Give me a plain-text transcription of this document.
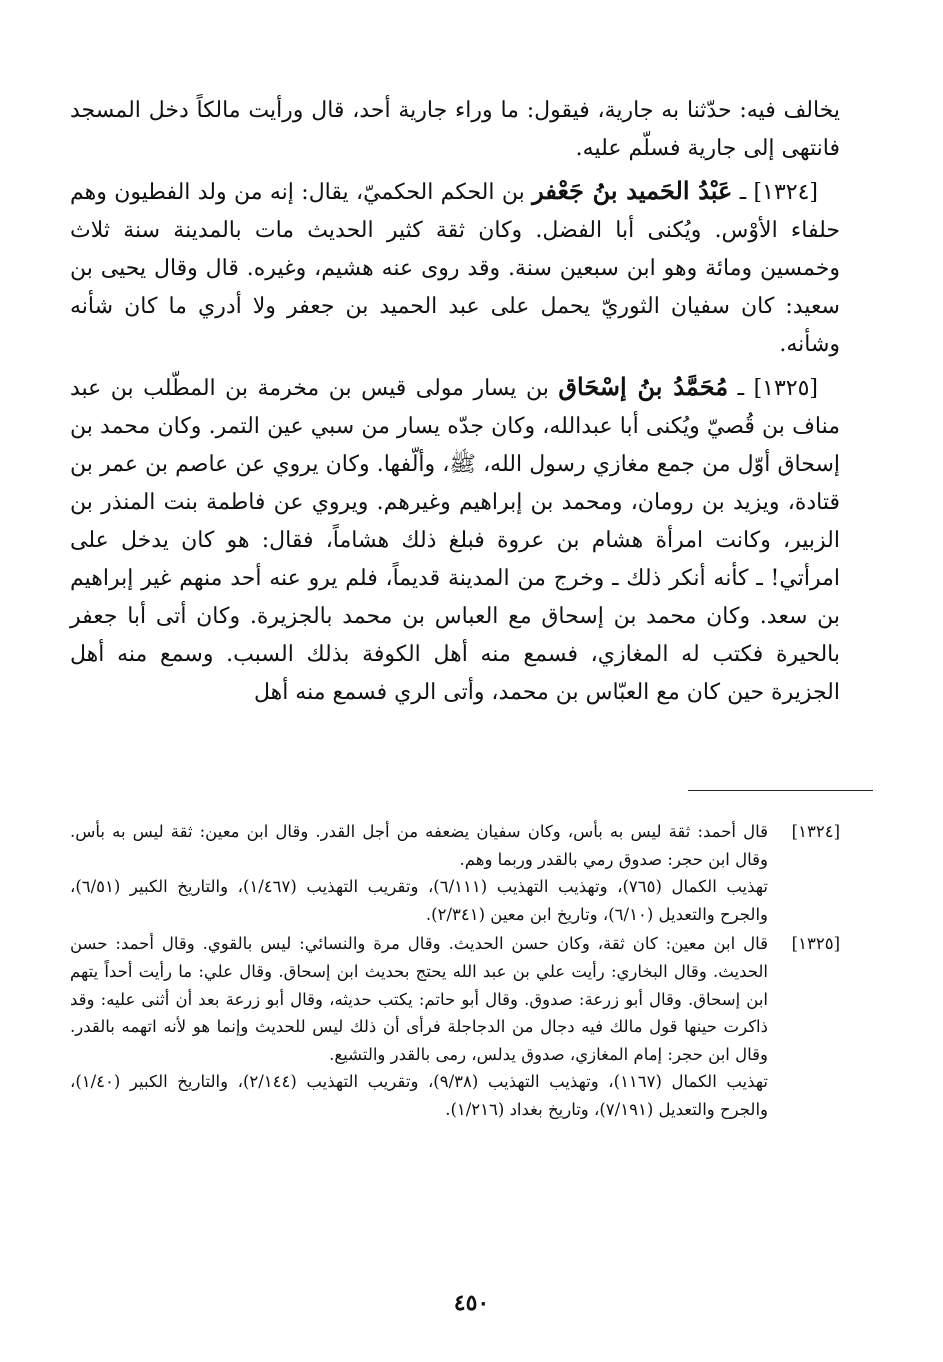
يخالف فيه: حدّثنا به جارية، فيقول: ما وراء جارية أحد، قال ورأيت مالكاً دخل المسجد فانتهى إلى جارية فسلّم عليه.

[١٣٢٤] ـ عَبْدُ الحَميد بنُ جَعْفر بن الحكم الحكميّ، يقال: إنه من ولد الفطيون وهم حلفاء الأوْس. ويُكنى أبا الفضل. وكان ثقة كثير الحديث مات بالمدينة سنة ثلاث وخمسين ومائة وهو ابن سبعين سنة. وقد روى عنه هشيم، وغيره. قال وقال يحيى بن سعيد: كان سفيان الثوريّ يحمل على عبد الحميد بن جعفر ولا أدري ما كان شأنه وشأنه.

[١٣٢٥] ـ مُحَمَّدُ بنُ إسْحَاق بن يسار مولى قيس بن مخرمة بن المطّلب بن عبد مناف بن قُصيّ ويُكنى أبا عبدالله، وكان جدّه يسار من سبي عين التمر. وكان محمد بن إسحاق أوّل من جمع مغازي رسول الله، ﷺ، وألّفها. وكان يروي عن عاصم بن عمر بن قتادة، ويزيد بن رومان، ومحمد بن إبراهيم وغيرهم. ويروي عن فاطمة بنت المنذر بن الزبير، وكانت امرأة هشام بن عروة فبلغ ذلك هشاماً، فقال: هو كان يدخل على امرأتي! ـ كأنه أنكر ذلك ـ وخرج من المدينة قديماً، فلم يرو عنه أحد منهم غير إبراهيم بن سعد. وكان محمد بن إسحاق مع العباس بن محمد بالجزيرة. وكان أتى أبا جعفر بالحيرة فكتب له المغازي، فسمع منه أهل الكوفة بذلك السبب. وسمع منه أهل الجزيرة حين كان مع العبّاس بن محمد، وأتى الري فسمع منه أهل

[١٣٢٤]
قال أحمد: ثقة ليس به بأس، وكان سفيان يضعفه من أجل القدر. وقال ابن معين: ثقة ليس به بأس. وقال ابن حجر: صدوق رمي بالقدر وربما وهم.
تهذيب الكمال (٧٦٥)، وتهذيب التهذيب (٦/١١١)، وتقريب التهذيب (١/٤٦٧)، والتاريخ الكبير (٦/٥١)، والجرح والتعديل (٦/١٠)، وتاريخ ابن معين (٢/٣٤١).
[١٣٢٥]
قال ابن معين: كان ثقة، وكان حسن الحديث. وقال مرة والنسائي: ليس بالقوي. وقال أحمد: حسن الحديث. وقال البخاري: رأيت علي بن عبد الله يحتج بحديث ابن إسحاق. وقال علي: ما رأيت أحداً يتهم ابن إسحاق. وقال أبو زرعة: صدوق. وقال أبو حاتم: يكتب حديثه، وقال أبو زرعة بعد أن أثنى عليه: وقد ذاكرت حينها قول مالك فيه دجال من الدجاجلة فرأى أن ذلك ليس للحديث وإنما هو لأنه اتهمه بالقدر. وقال ابن حجر: إمام المغازي، صدوق يدلس، رمى بالقدر والتشيع.
تهذيب الكمال (١١٦٧)، وتهذيب التهذيب (٩/٣٨)، وتقريب التهذيب (٢/١٤٤)، والتاريخ الكبير (١/٤٠)، والجرح والتعديل (٧/١٩١)، وتاريخ بغداد (١/٢١٦).
٤٥٠
